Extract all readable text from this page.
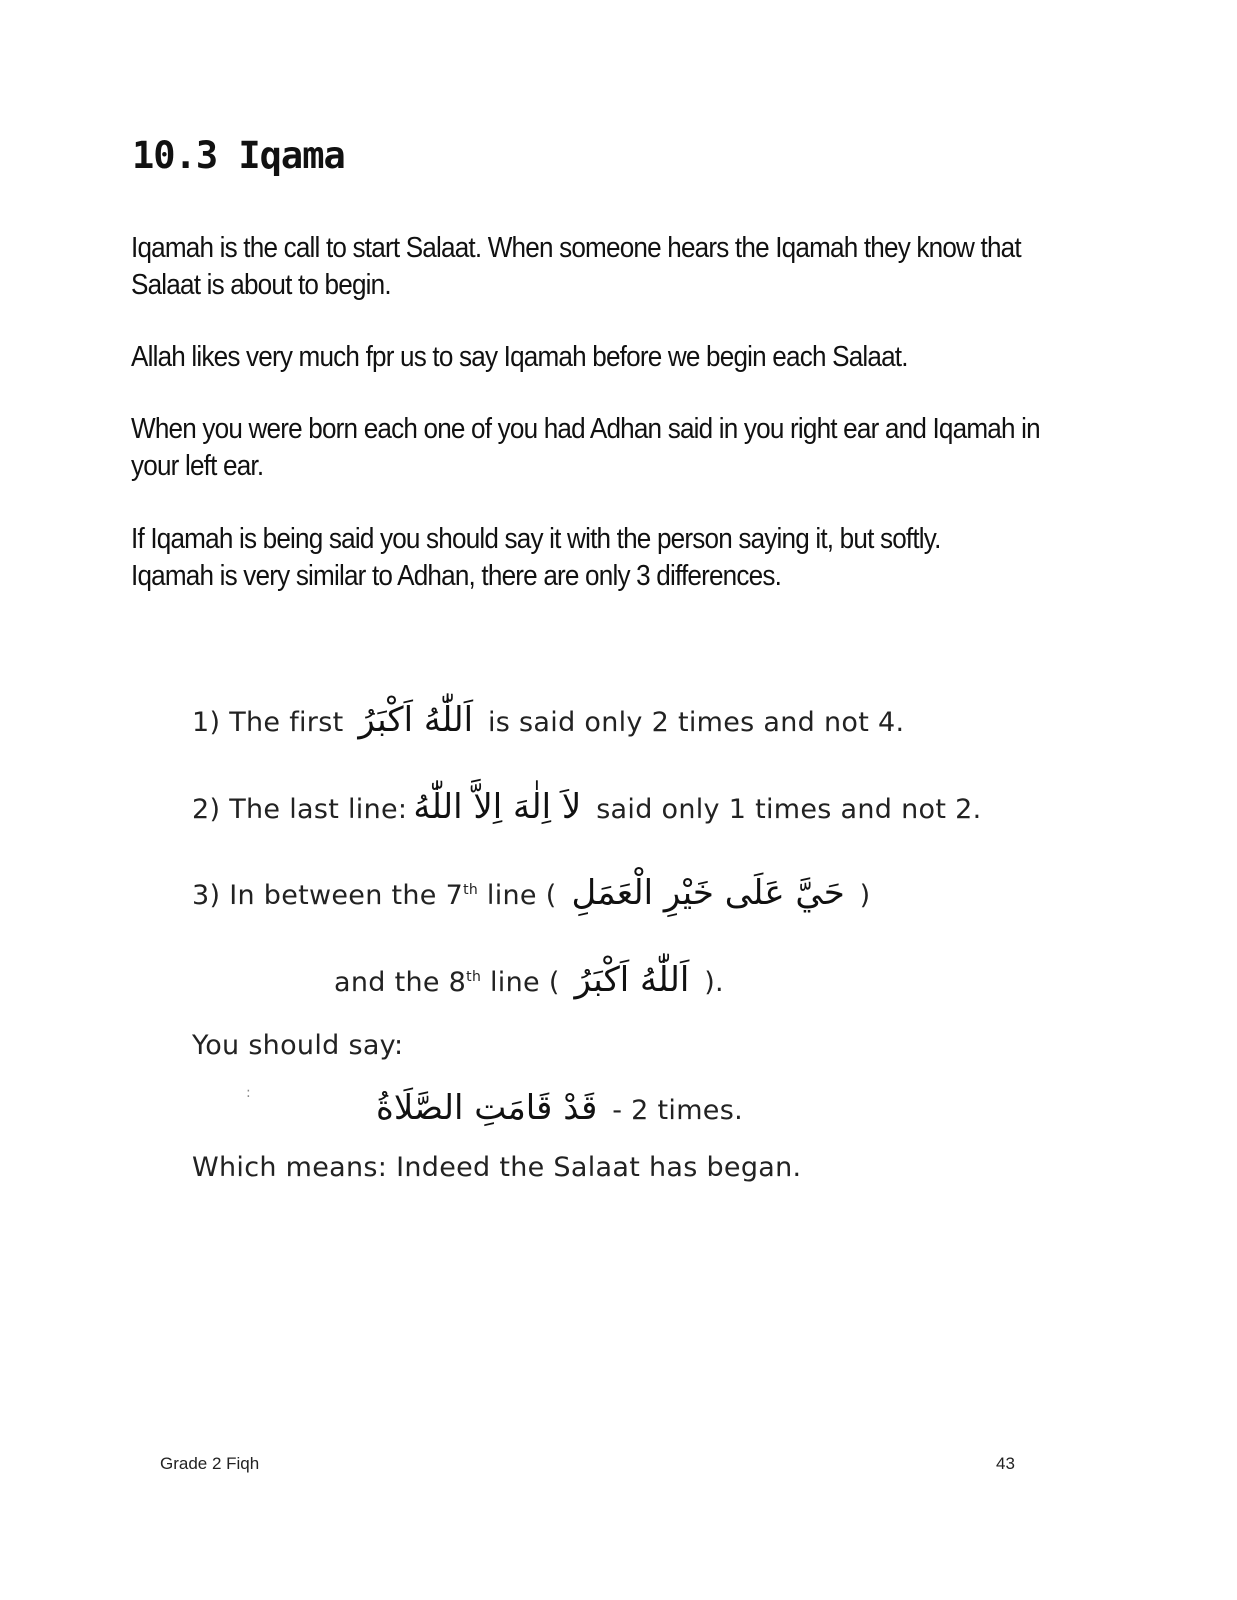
10.3 Iqama

Iqamah is the call to start Salaat. When someone hears the Iqamah they know that
Salaat is about to begin.

Allah likes very much fpr us to say Iqamah before we begin each Salaat.

When you were born each one of you had Adhan said in you right ear and Iqamah in
your left ear.

If Iqamah is being said you should say it with the person saying it, but softly.
Iqamah is very similar to Adhan, there are only 3 differences.

1) The first اَللّٰهُ اَكْبَرُ is said only 2 times and not 4.
2) The last line: لاَ اِلٰهَ اِلاَّ اللّٰهُ said only 1 times and not 2.
3) In between the 7th line ( حَيَّ عَلَى خَيْرِ الْعَمَلِ )
and the 8th line ( اَللّٰهُ اَكْبَرُ ).
You should say:
:	قَدْ قَامَتِ الصَّلَاةُ - 2 times.
Which means: Indeed the Salaat has began.
Grade 2 Fiqh	43
